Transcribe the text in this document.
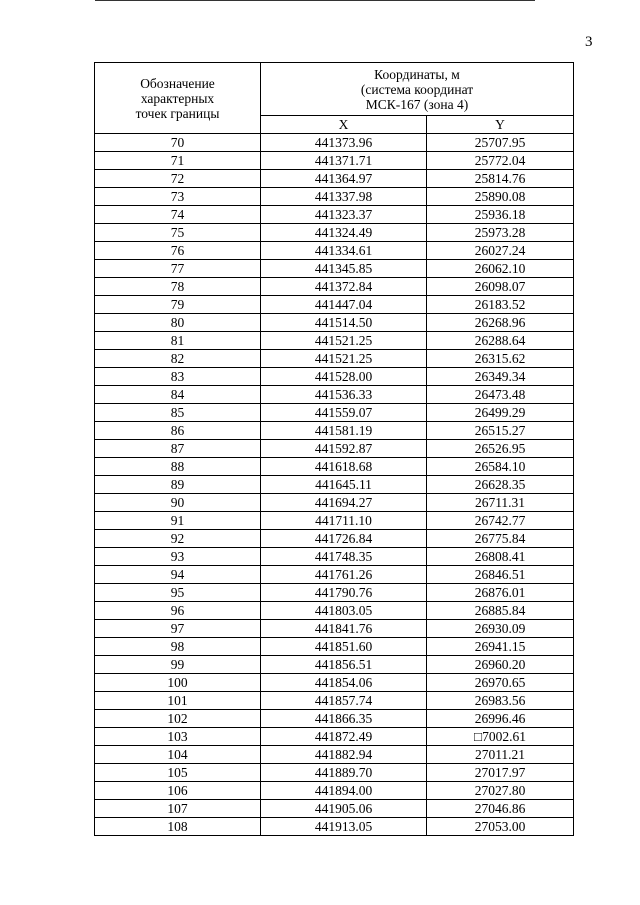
3
Обозначение
характерных
точек границы	Координаты, м
(система координат
МСК-167 (зона 4)	

	X	Y
70	441373.96	25707.95
71	441371.71	25772.04
72	441364.97	25814.76
73	441337.98	25890.08
74	441323.37	25936.18
75	441324.49	25973.28
76	441334.61	26027.24
77	441345.85	26062.10
78	441372.84	26098.07
79	441447.04	26183.52
80	441514.50	26268.96
81	441521.25	26288.64
82	441521.25	26315.62
83	441528.00	26349.34
84	441536.33	26473.48
85	441559.07	26499.29
86	441581.19	26515.27
87	441592.87	26526.95
88	441618.68	26584.10
89	441645.11	26628.35
90	441694.27	26711.31
91	441711.10	26742.77
92	441726.84	26775.84
93	441748.35	26808.41
94	441761.26	26846.51
95	441790.76	26876.01
96	441803.05	26885.84
97	441841.76	26930.09
98	441851.60	26941.15
99	441856.51	26960.20
100	441854.06	26970.65
101	441857.74	26983.56
102	441866.35	26996.46
103	441872.49	□7002.61
104	441882.94	27011.21
105	441889.70	27017.97
106	441894.00	27027.80
107	441905.06	27046.86
108	441913.05	27053.00
